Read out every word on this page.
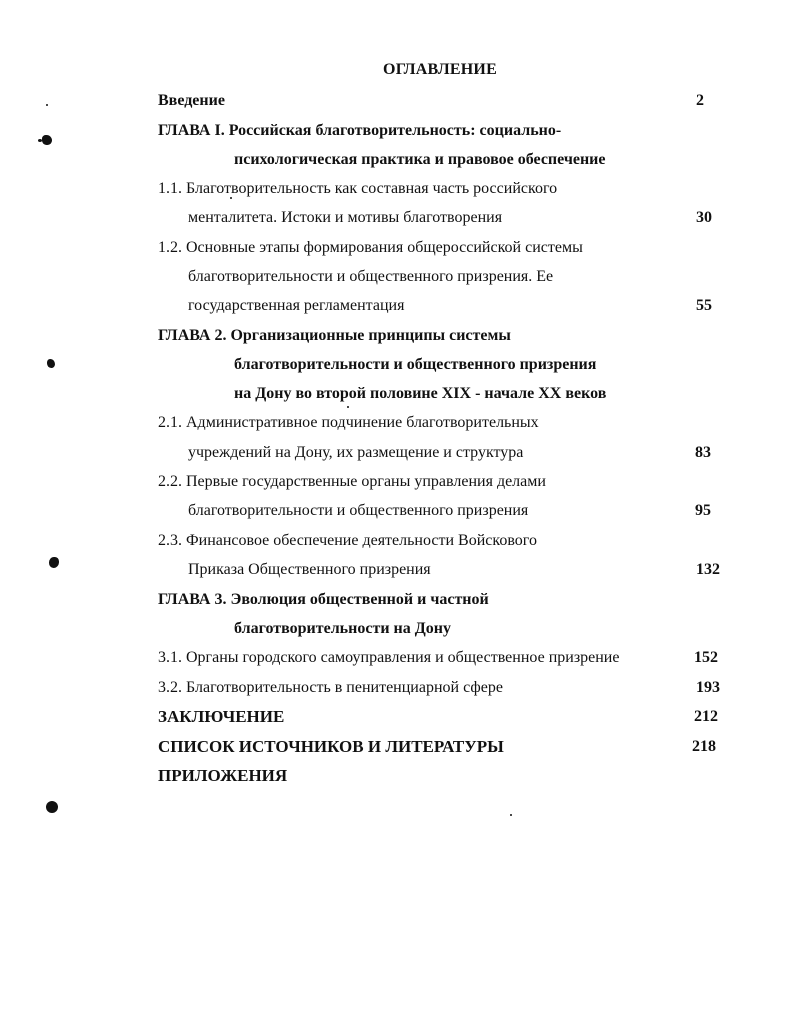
ОГЛАВЛЕНИЕ
Введение	2
ГЛАВА I. Российская благотворительность: социально-
психологическая практика и правовое обеспечение
1.1. Благотворительность как составная часть российского
менталитета. Истоки и мотивы благотворения	30
1.2. Основные этапы формирования общероссийской системы
благотворительности и общественного призрения. Ее
государственная регламентация	55
ГЛАВА 2. Организационные принципы системы
благотворительности и общественного призрения
на Дону во второй половине XIX - начале XX веков
2.1. Административное подчинение благотворительных
учреждений на Дону, их размещение и структура	83
2.2. Первые государственные органы управления делами
благотворительности и общественного призрения	95
2.3. Финансовое обеспечение деятельности Войскового
Приказа Общественного призрения	132
ГЛАВА 3. Эволюция общественной и частной
благотворительности на Дону
3.1. Органы городского самоуправления и общественное призрение	152
3.2. Благотворительность в пенитенциарной сфере	193
ЗАКЛЮЧЕНИЕ	212
СПИСОК ИСТОЧНИКОВ И ЛИТЕРАТУРЫ	218
ПРИЛОЖЕНИЯ
